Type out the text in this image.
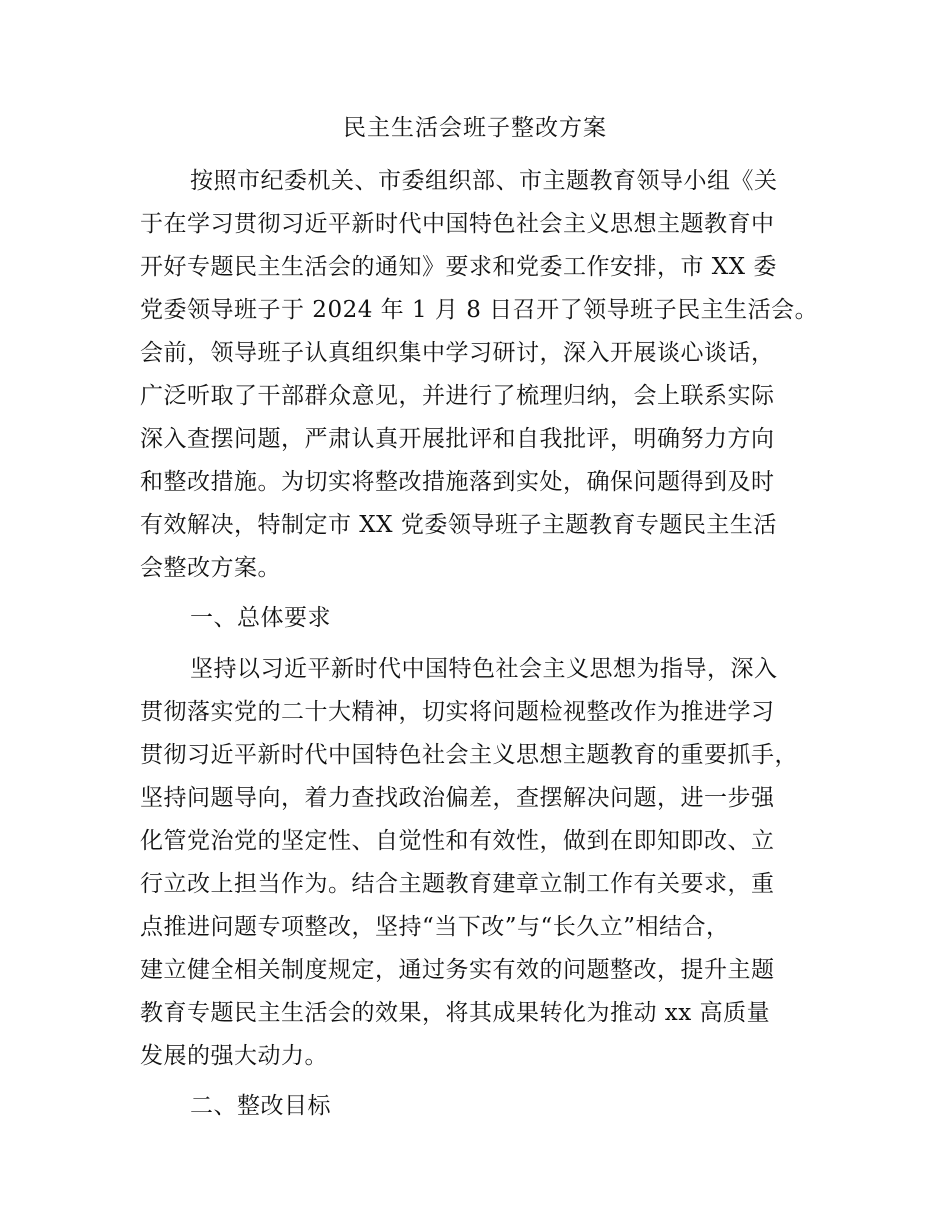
民主生活会班子整改方案

按照市纪委机关、市委组织部、市主题教育领导小组《关

于在学习贯彻习近平新时代中国特色社会主义思想主题教育中

开好专题民主生活会的通知》要求和党委工作安排，市 XX 委

党委领导班子于 2024 年 1 月 8 日召开了领导班子民主生活会。

会前，领导班子认真组织集中学习研讨，深入开展谈心谈话，

广泛听取了干部群众意见，并进行了梳理归纳，会上联系实际

深入查摆问题，严肃认真开展批评和自我批评，明确努力方向

和整改措施。为切实将整改措施落到实处，确保问题得到及时

有效解决，特制定市 XX 党委领导班子主题教育专题民主生活

会整改方案。

一、总体要求

坚持以习近平新时代中国特色社会主义思想为指导，深入

贯彻落实党的二十大精神，切实将问题检视整改作为推进学习

贯彻习近平新时代中国特色社会主义思想主题教育的重要抓手，

坚持问题导向，着力查找政治偏差，查摆解决问题，进一步强

化管党治党的坚定性、自觉性和有效性，做到在即知即改、立

行立改上担当作为。结合主题教育建章立制工作有关要求，重

点推进问题专项整改，坚持“当下改”与“长久立”相结合，

建立健全相关制度规定，通过务实有效的问题整改，提升主题

教育专题民主生活会的效果，将其成果转化为推动 xx 高质量

发展的强大动力。

二、整改目标
